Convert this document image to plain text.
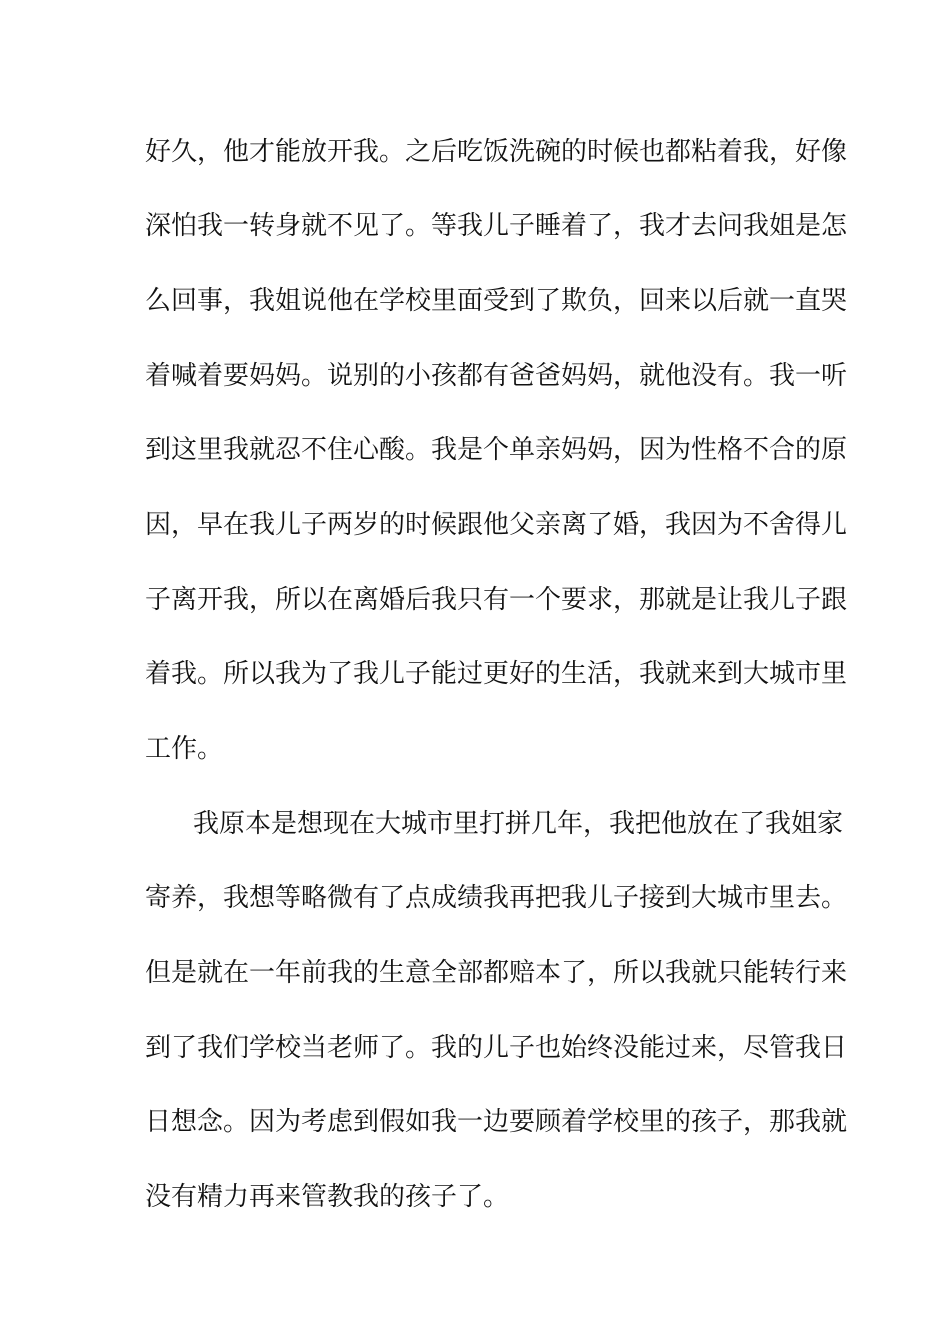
好久，他才能放开我。之后吃饭洗碗的时候也都粘着我，好像
深怕我一转身就不见了。等我儿子睡着了，我才去问我姐是怎
么回事，我姐说他在学校里面受到了欺负，回来以后就一直哭
着喊着要妈妈。说别的小孩都有爸爸妈妈，就他没有。我一听
到这里我就忍不住心酸。我是个单亲妈妈，因为性格不合的原
因，早在我儿子两岁的时候跟他父亲离了婚，我因为不舍得儿
子离开我，所以在离婚后我只有一个要求，那就是让我儿子跟
着我。所以我为了我儿子能过更好的生活，我就来到大城市里
工作。
我原本是想现在大城市里打拼几年，我把他放在了我姐家
寄养，我想等略微有了点成绩我再把我儿子接到大城市里去。
但是就在一年前我的生意全部都赔本了，所以我就只能转行来
到了我们学校当老师了。我的儿子也始终没能过来，尽管我日
日想念。因为考虑到假如我一边要顾着学校里的孩子，那我就
没有精力再来管教我的孩子了。
